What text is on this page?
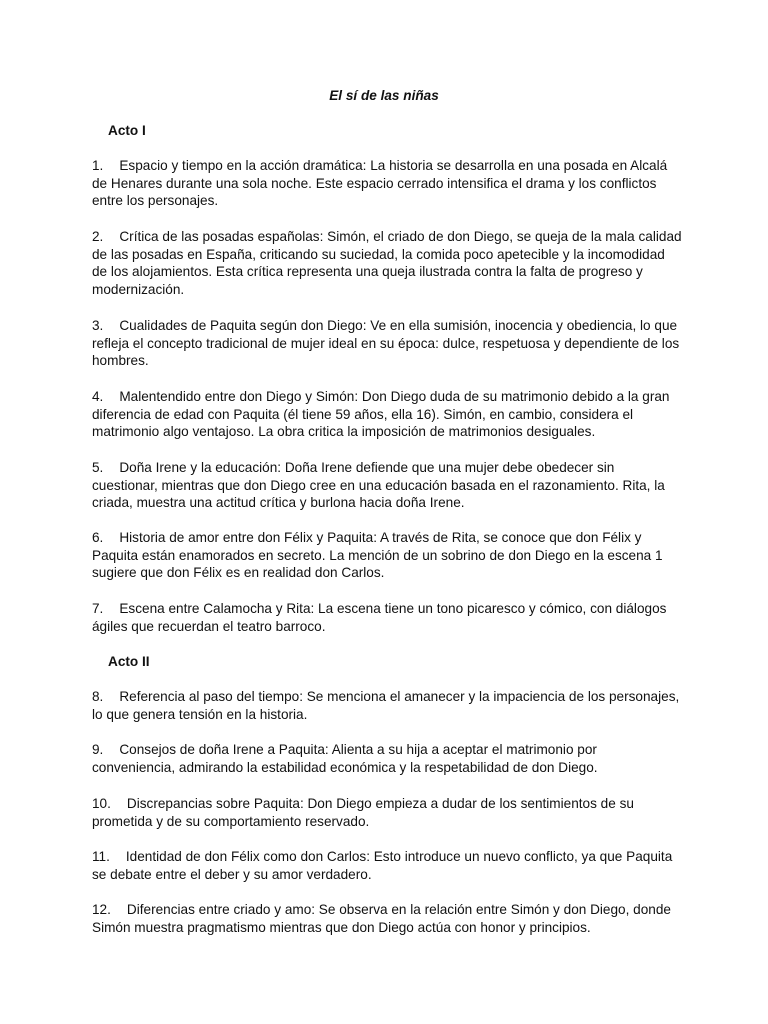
El sí de las niñas
Acto I
1. Espacio y tiempo en la acción dramática: La historia se desarrolla en una posada en Alcalá de Henares durante una sola noche. Este espacio cerrado intensifica el drama y los conflictos entre los personajes.
2. Crítica de las posadas españolas: Simón, el criado de don Diego, se queja de la mala calidad de las posadas en España, criticando su suciedad, la comida poco apetecible y la incomodidad de los alojamientos. Esta crítica representa una queja ilustrada contra la falta de progreso y modernización.
3. Cualidades de Paquita según don Diego: Ve en ella sumisión, inocencia y obediencia, lo que refleja el concepto tradicional de mujer ideal en su época: dulce, respetuosa y dependiente de los hombres.
4. Malentendido entre don Diego y Simón: Don Diego duda de su matrimonio debido a la gran diferencia de edad con Paquita (él tiene 59 años, ella 16). Simón, en cambio, considera el matrimonio algo ventajoso. La obra critica la imposición de matrimonios desiguales.
5. Doña Irene y la educación: Doña Irene defiende que una mujer debe obedecer sin cuestionar, mientras que don Diego cree en una educación basada en el razonamiento. Rita, la criada, muestra una actitud crítica y burlona hacia doña Irene.
6. Historia de amor entre don Félix y Paquita: A través de Rita, se conoce que don Félix y Paquita están enamorados en secreto. La mención de un sobrino de don Diego en la escena 1 sugiere que don Félix es en realidad don Carlos.
7. Escena entre Calamocha y Rita: La escena tiene un tono picaresco y cómico, con diálogos ágiles que recuerdan el teatro barroco.
Acto II
8. Referencia al paso del tiempo: Se menciona el amanecer y la impaciencia de los personajes, lo que genera tensión en la historia.
9. Consejos de doña Irene a Paquita: Alienta a su hija a aceptar el matrimonio por conveniencia, admirando la estabilidad económica y la respetabilidad de don Diego.
10. Discrepancias sobre Paquita: Don Diego empieza a dudar de los sentimientos de su prometida y de su comportamiento reservado.
11. Identidad de don Félix como don Carlos: Esto introduce un nuevo conflicto, ya que Paquita se debate entre el deber y su amor verdadero.
12. Diferencias entre criado y amo: Se observa en la relación entre Simón y don Diego, donde Simón muestra pragmatismo mientras que don Diego actúa con honor y principios.
